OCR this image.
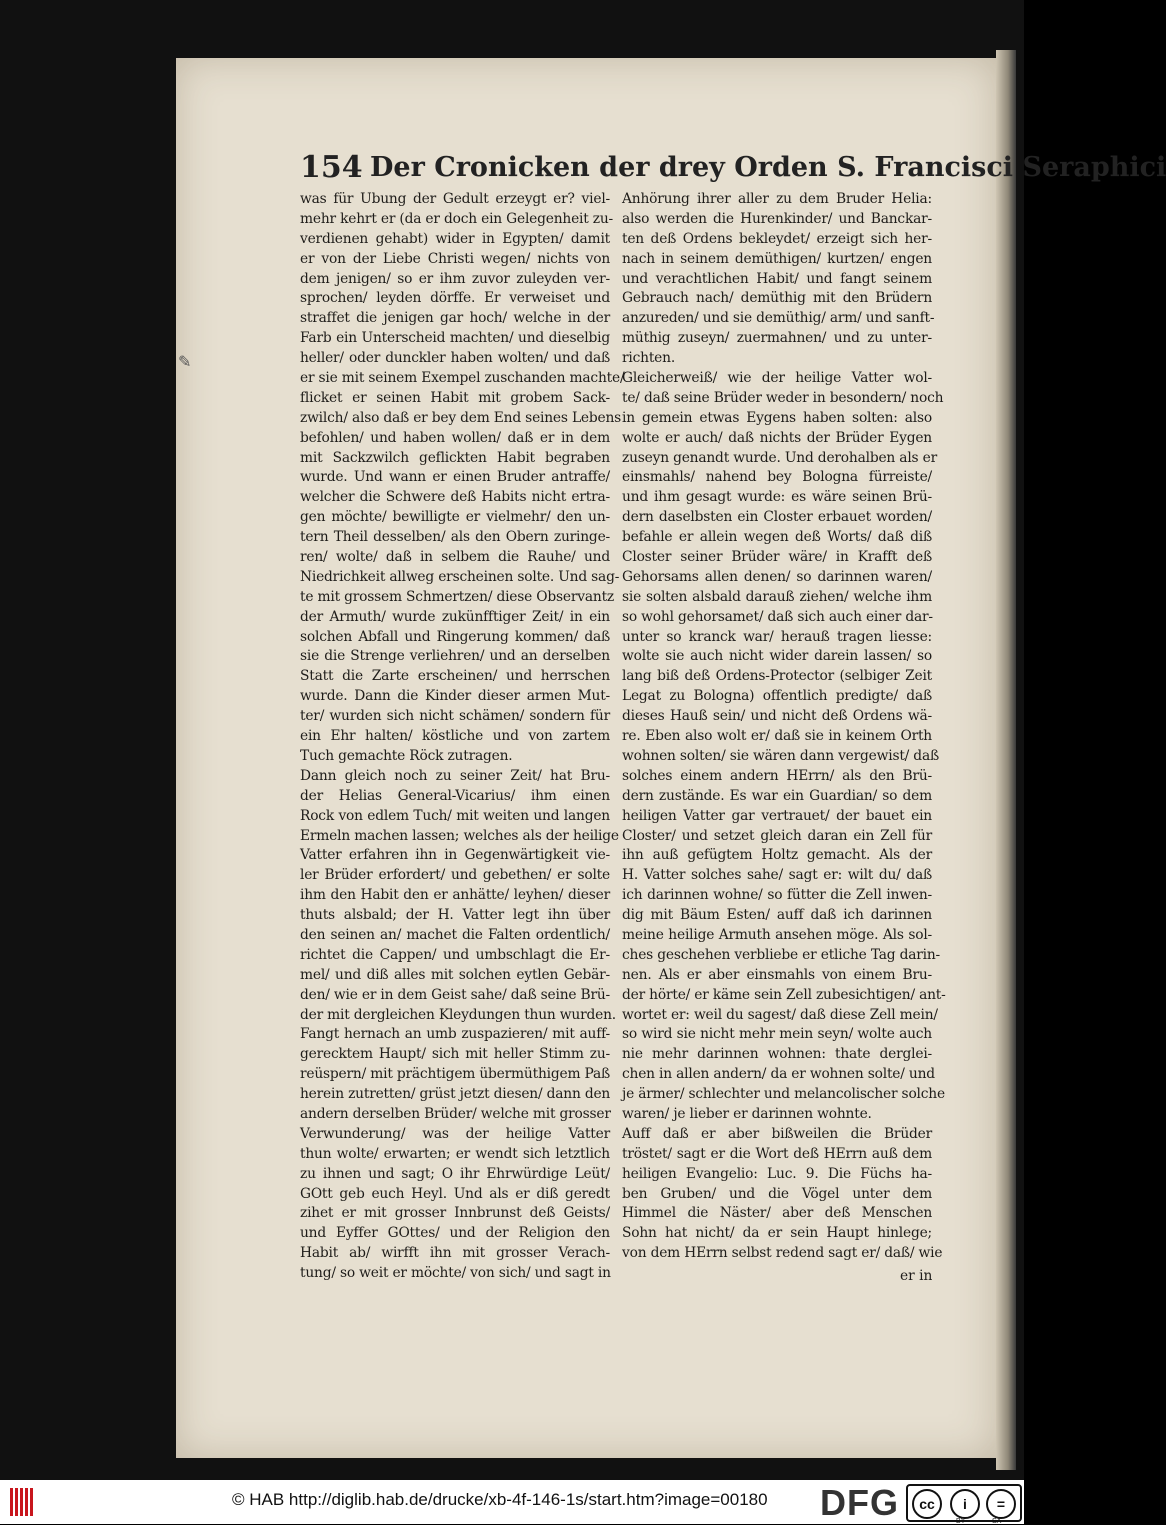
✎
154 Der Cronicken der drey Orden S. Francisci Seraphici
was für Ubung der Gedult erzeygt er? viel-
mehr kehrt er (da er doch ein Gelegenheit zu-
verdienen gehabt) wider in Egypten/ damit
er von der Liebe Christi wegen/ nichts von
dem jenigen/ so er ihm zuvor zuleyden ver-
sprochen/ leyden dörffe. Er verweiset und
straffet die jenigen gar hoch/ welche in der
Farb ein Unterscheid machten/ und dieselbig
heller/ oder dunckler haben wolten/ und daß
er sie mit seinem Exempel zuschanden machte/
flicket er seinen Habit mit grobem Sack-
zwilch/ also daß er bey dem End seines Lebens
befohlen/ und haben wollen/ daß er in dem
mit Sackzwilch geflickten Habit begraben
wurde. Und wann er einen Bruder antraffe/
welcher die Schwere deß Habits nicht ertra-
gen möchte/ bewilligte er vielmehr/ den un-
tern Theil desselben/ als den Obern zuringe-
ren/ wolte/ daß in selbem die Rauhe/ und
Niedrichkeit allweg erscheinen solte. Und sag-
te mit grossem Schmertzen/ diese Observantz
der Armuth/ wurde zukünfftiger Zeit/ in ein
solchen Abfall und Ringerung kommen/ daß
sie die Strenge verliehren/ und an derselben
Statt die Zarte erscheinen/ und herrschen
wurde. Dann die Kinder dieser armen Mut-
ter/ wurden sich nicht schämen/ sondern für
ein Ehr halten/ köstliche und von zartem
Tuch gemachte Röck zutragen.
Dann gleich noch zu seiner Zeit/ hat Bru-
der Helias General-Vicarius/ ihm einen
Rock von edlem Tuch/ mit weiten und langen
Ermeln machen lassen; welches als der heilige
Vatter erfahren ihn in Gegenwärtigkeit vie-
ler Brüder erfordert/ und gebethen/ er solte
ihm den Habit den er anhätte/ leyhen/ dieser
thuts alsbald; der H. Vatter legt ihn über
den seinen an/ machet die Falten ordentlich/
richtet die Cappen/ und umbschlagt die Er-
mel/ und diß alles mit solchen eytlen Gebär-
den/ wie er in dem Geist sahe/ daß seine Brü-
der mit dergleichen Kleydungen thun wurden.
Fangt hernach an umb zuspazieren/ mit auff-
gerecktem Haupt/ sich mit heller Stimm zu-
reüspern/ mit prächtigem übermüthigem Paß
herein zutretten/ grüst jetzt diesen/ dann den
andern derselben Brüder/ welche mit grosser
Verwunderung/ was der heilige Vatter
thun wolte/ erwarten; er wendt sich letztlich
zu ihnen und sagt; O ihr Ehrwürdige Leüt/
GOtt geb euch Heyl. Und als er diß geredt
zihet er mit grosser Innbrunst deß Geists/
und Eyffer GOttes/ und der Religion den
Habit ab/ wirfft ihn mit grosser Verach-
tung/ so weit er möchte/ von sich/ und sagt in
Anhörung ihrer aller zu dem Bruder Helia:
also werden die Hurenkinder/ und Banckar-
ten deß Ordens bekleydet/ erzeigt sich her-
nach in seinem demüthigen/ kurtzen/ engen
und verachtlichen Habit/ und fangt seinem
Gebrauch nach/ demüthig mit den Brüdern
anzureden/ und sie demüthig/ arm/ und sanft-
müthig zuseyn/ zuermahnen/ und zu unter-
richten.
Gleicherweiß/ wie der heilige Vatter wol-
te/ daß seine Brüder weder in besondern/ noch
in gemein etwas Eygens haben solten: also
wolte er auch/ daß nichts der Brüder Eygen
zuseyn genandt wurde. Und derohalben als er
einsmahls/ nahend bey Bologna fürreiste/
und ihm gesagt wurde: es wäre seinen Brü-
dern daselbsten ein Closter erbauet worden/
befahle er allein wegen deß Worts/ daß diß
Closter seiner Brüder wäre/ in Krafft deß
Gehorsams allen denen/ so darinnen waren/
sie solten alsbald darauß ziehen/ welche ihm
so wohl gehorsamet/ daß sich auch einer dar-
unter so kranck war/ herauß tragen liesse:
wolte sie auch nicht wider darein lassen/ so
lang biß deß Ordens-Protector (selbiger Zeit
Legat zu Bologna) offentlich predigte/ daß
dieses Hauß sein/ und nicht deß Ordens wä-
re. Eben also wolt er/ daß sie in keinem Orth
wohnen solten/ sie wären dann vergewist/ daß
solches einem andern HErrn/ als den Brü-
dern zustände. Es war ein Guardian/ so dem
heiligen Vatter gar vertrauet/ der bauet ein
Closter/ und setzet gleich daran ein Zell für
ihn auß gefügtem Holtz gemacht. Als der
H. Vatter solches sahe/ sagt er: wilt du/ daß
ich darinnen wohne/ so fütter die Zell inwen-
dig mit Bäum Esten/ auff daß ich darinnen
meine heilige Armuth ansehen möge. Als sol-
ches geschehen verbliebe er etliche Tag darin-
nen. Als er aber einsmahls von einem Bru-
der hörte/ er käme sein Zell zubesichtigen/ ant-
wortet er: weil du sagest/ daß diese Zell mein/
so wird sie nicht mehr mein seyn/ wolte auch
nie mehr darinnen wohnen: thate derglei-
chen in allen andern/ da er wohnen solte/ und
je ärmer/ schlechter und melancolischer solche
waren/ je lieber er darinnen wohnte.
Auff daß er aber bißweilen die Brüder
tröstet/ sagt er die Wort deß HErrn auß dem
heiligen Evangelio: Luc. 9. Die Füchs ha-
ben Gruben/ und die Vögel unter dem
Himmel die Näster/ aber deß Menschen
Sohn hat nicht/ da er sein Haupt hinlege;
von dem HErrn selbst redend sagt er/ daß/ wie
er in
© HAB http://diglib.hab.de/drucke/xb-4f-146-1s/start.htm?image=00180 DFG	cc	i	=
BY	SA
